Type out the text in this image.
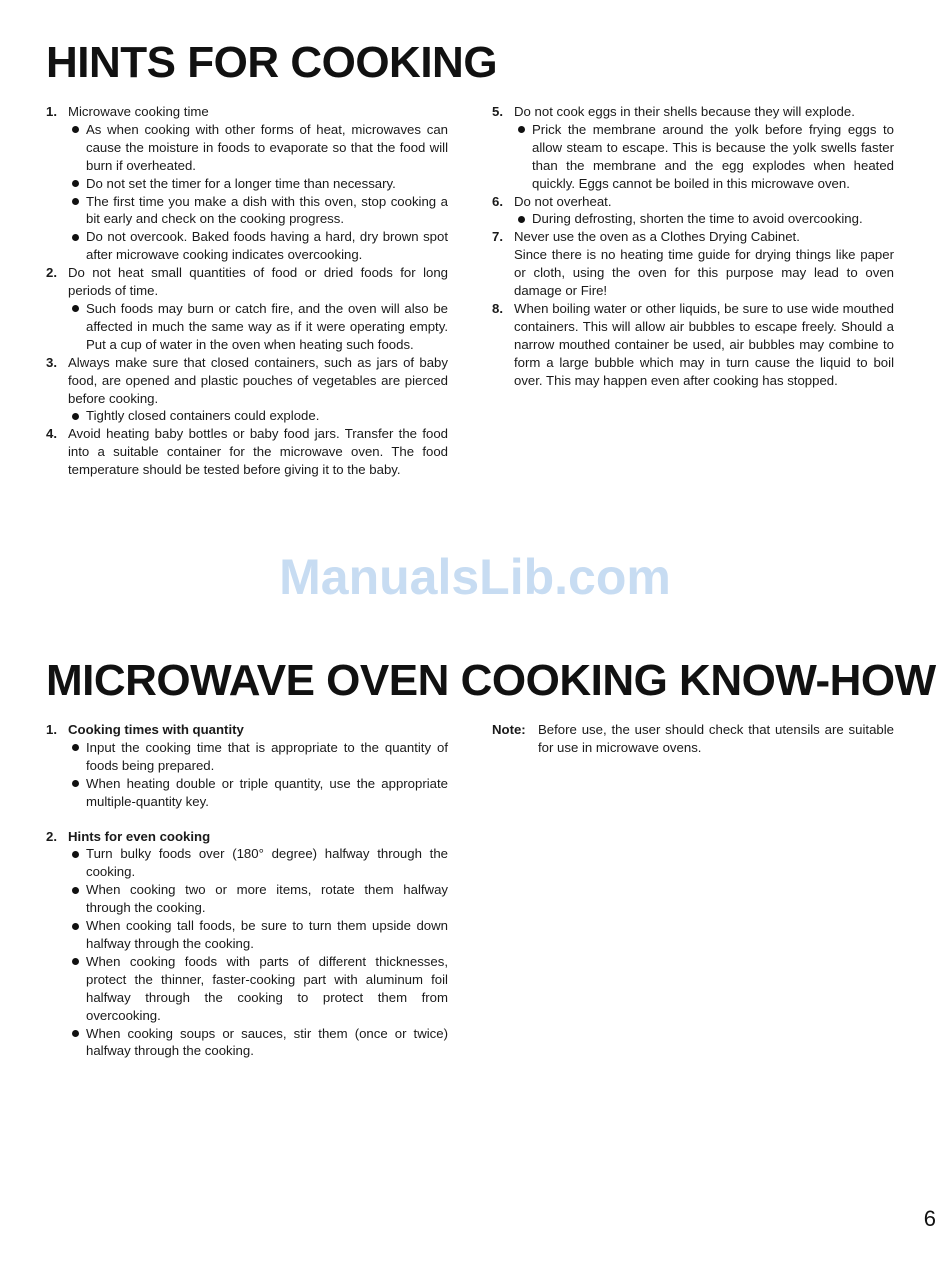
HINTS FOR COOKING
1. Microwave cooking time
As when cooking with other forms of heat, microwaves can cause the moisture in foods to evaporate so that the food will burn if overheated.
Do not set the timer for a longer time than necessary.
The first time you make a dish with this oven, stop cooking a bit early and check on the cooking progress.
Do not overcook. Baked foods having a hard, dry brown spot after microwave cooking indicates overcooking.
2. Do not heat small quantities of food or dried foods for long periods of time.
Such foods may burn or catch fire, and the oven will also be affected in much the same way as if it were operating empty. Put a cup of water in the oven when heating such foods.
3. Always make sure that closed containers, such as jars of baby food, are opened and plastic pouches of vegetables are pierced before cooking.
Tightly closed containers could explode.
4. Avoid heating baby bottles or baby food jars. Transfer the food into a suitable container for the microwave oven. The food temperature should be tested before giving it to the baby.
5. Do not cook eggs in their shells because they will explode.
Prick the membrane around the yolk before frying eggs to allow steam to escape. This is because the yolk swells faster than the membrane and the egg explodes when heated quickly. Eggs cannot be boiled in this microwave oven.
6. Do not overheat.
During defrosting, shorten the time to avoid overcooking.
7. Never use the oven as a Clothes Drying Cabinet.
Since there is no heating time guide for drying things like paper or cloth, using the oven for this purpose may lead to oven damage or Fire!
8. When boiling water or other liquids, be sure to use wide mouthed containers. This will allow air bubbles to escape freely. Should a narrow mouthed container be used, air bubbles may combine to form a large bubble which may in turn cause the liquid to boil over. This may happen even after cooking has stopped.
ManualsLib.com
MICROWAVE OVEN COOKING KNOW-HOW
1. Cooking times with quantity
Input the cooking time that is appropriate to the quantity of foods being prepared.
When heating double or triple quantity, use the appropriate multiple-quantity key.
2. Hints for even cooking
Turn bulky foods over (180° degree) halfway through the cooking.
When cooking two or more items, rotate them halfway through the cooking.
When cooking tall foods, be sure to turn them upside down halfway through the cooking.
When cooking foods with parts of different thicknesses, protect the thinner, faster-cooking part with aluminum foil halfway through the cooking to protect them from overcooking.
When cooking soups or sauces, stir them (once or twice) halfway through the cooking.
Note: Before use, the user should check that utensils are suitable for use in microwave ovens.
6
